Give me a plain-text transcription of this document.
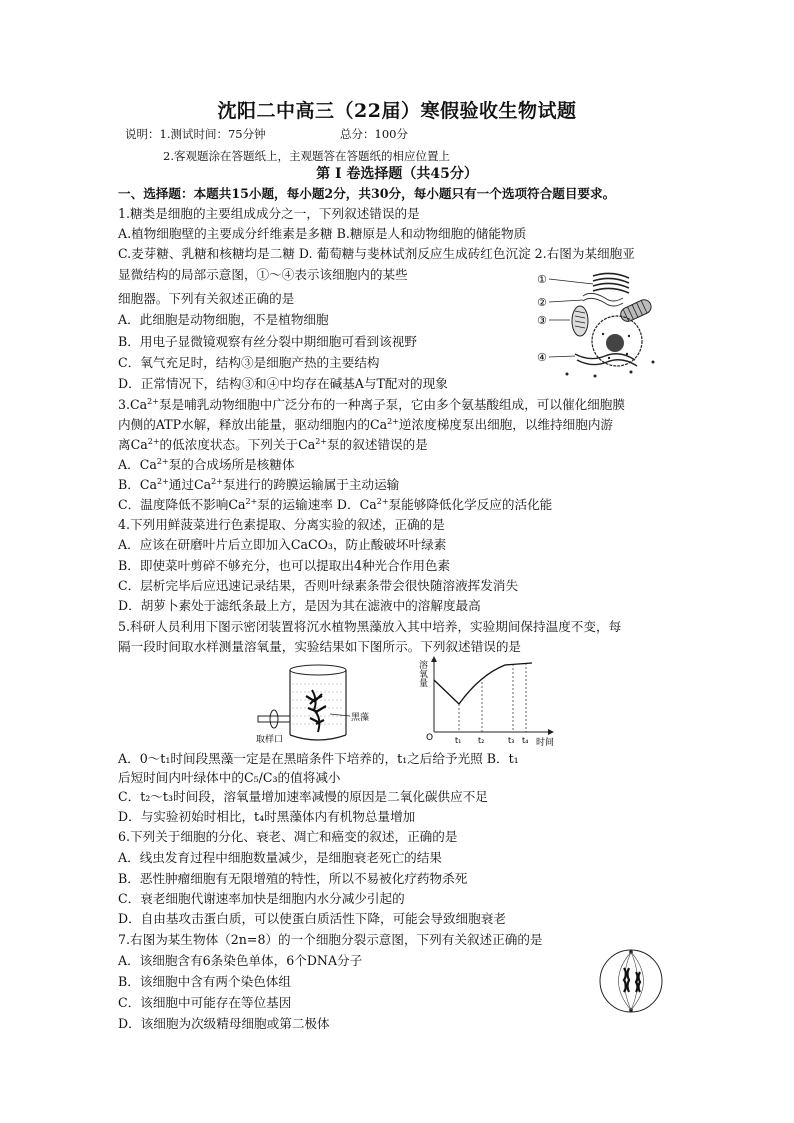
沈阳二中高三（22届）寒假验收生物试题
说明：1.测试时间：75分钟	总分：100分
2.客观题涂在答题纸上，主观题答在答题纸的相应位置上
第 I 卷选择题（共45分）
一、选择题：本题共15小题，每小题2分，共30分，每小题只有一个选项符合题目要求。
1.糖类是细胞的主要组成成分之一，下列叙述错误的是
A.植物细胞壁的主要成分纤维素是多糖 B.糖原是人和动物细胞的储能物质
C.麦芽糖、乳糖和核糖均是二糖 D. 葡萄糖与斐林试剂反应生成砖红色沉淀 2.右图为某细胞亚
显微结构的局部示意图，①～④表示该细胞内的某些
细胞器。下列有关叙述正确的是
A．此细胞是动物细胞，不是植物细胞
B．用电子显微镜观察有丝分裂中期细胞可看到该视野
C．氧气充足时，结构③是细胞产热的主要结构
D．正常情况下，结构③和④中均存在碱基A与T配对的现象
①
②
③
④
$3.Ca^{2+}$泵是哺乳动物细胞中广泛分布的一种离子泵，它由多个氨基酸组成，可以催化细胞膜
内侧的ATP水解，释放出能量，驱动细胞内的$Ca^{2+}$逆浓度梯度泵出细胞，以维持细胞内游
离$Ca^{2+}$的低浓度状态。下列关于$Ca^{2+}$泵的叙述错误的是
A．$Ca^{2+}$泵的合成场所是核糖体
B．$Ca^{2+}$通过$Ca^{2+}$泵进行的跨膜运输属于主动运输
C．温度降低不影响$Ca^{2+}$泵的运输速率 D．$Ca^{2+}$泵能够降低化学反应的活化能
4.下列用鲜菠菜进行色素提取、分离实验的叙述，正确的是
A．应该在研磨叶片后立即加入CaCO₃，防止酸破坏叶绿素
B．即使菜叶剪碎不够充分，也可以提取出4种光合作用色素
C．层析完毕后应迅速记录结果，否则叶绿素条带会很快随溶液挥发消失
D．胡萝卜素处于滤纸条最上方，是因为其在滤液中的溶解度最高
5.科研人员利用下图示密闭装置将沉水植物黑藻放入其中培养，实验期间保持温度不变，每
隔一段时间取水样测量溶氧量，实验结果如下图所示。下列叙述错误的是
黑藻
取样口
溶氧量
O	时间
t₁ t₂	t₃ t₄
A．0～t₁时间段黑藻一定是在黑暗条件下培养的，t₁之后给予光照 B．t₁
后短时间内叶绿体中的C₅/C₃的值将减小
C．t₂～t₃时间段，溶氧量增加速率减慢的原因是二氧化碳供应不足
D．与实验初始时相比，t₄时黑藻体内有机物总量增加
6.下列关于细胞的分化、衰老、凋亡和癌变的叙述，正确的是
A．线虫发育过程中细胞数量减少，是细胞衰老死亡的结果
B．恶性肿瘤细胞有无限增殖的特性，所以不易被化疗药物杀死
C．衰老细胞代谢速率加快是细胞内水分减少引起的
D．自由基攻击蛋白质，可以使蛋白质活性下降，可能会导致细胞衰老
7.右图为某生物体（2n=8）的一个细胞分裂示意图，下列有关叙述正确的是
A．该细胞含有6条染色单体，6个DNA分子
B．该细胞中含有两个染色体组
C．该细胞中可能存在等位基因
D．该细胞为次级精母细胞或第二极体
